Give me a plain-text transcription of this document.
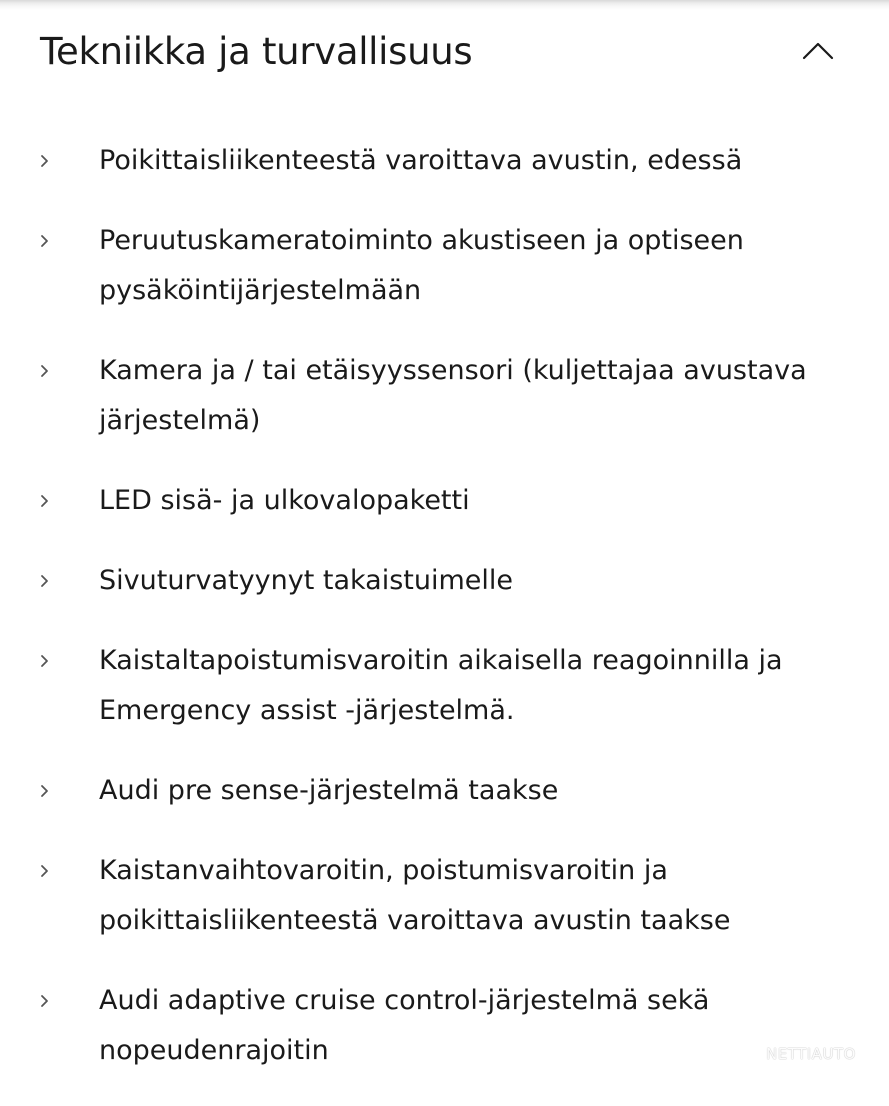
Tekniikka ja turvallisuus
Poikittaisliikenteestä varoittava avustin, edessä
Peruutuskameratoiminto akustiseen ja optiseen pysäköintijärjestelmään
Kamera ja / tai etäisyyssensori (kuljettajaa avustava järjestelmä)
LED sisä- ja ulkovalopaketti
Sivuturvatyynyt takaistuimelle
Kaistaltapoistumisvaroitin aikaisella reagoinnilla ja Emergency assist -järjestelmä.
Audi pre sense-järjestelmä taakse
Kaistanvaihtovaroitin, poistumisvaroitin ja poikittaisliikenteestä varoittava avustin taakse
Audi adaptive cruise control-järjestelmä sekä nopeudenrajoitin	NETTIAUTO
